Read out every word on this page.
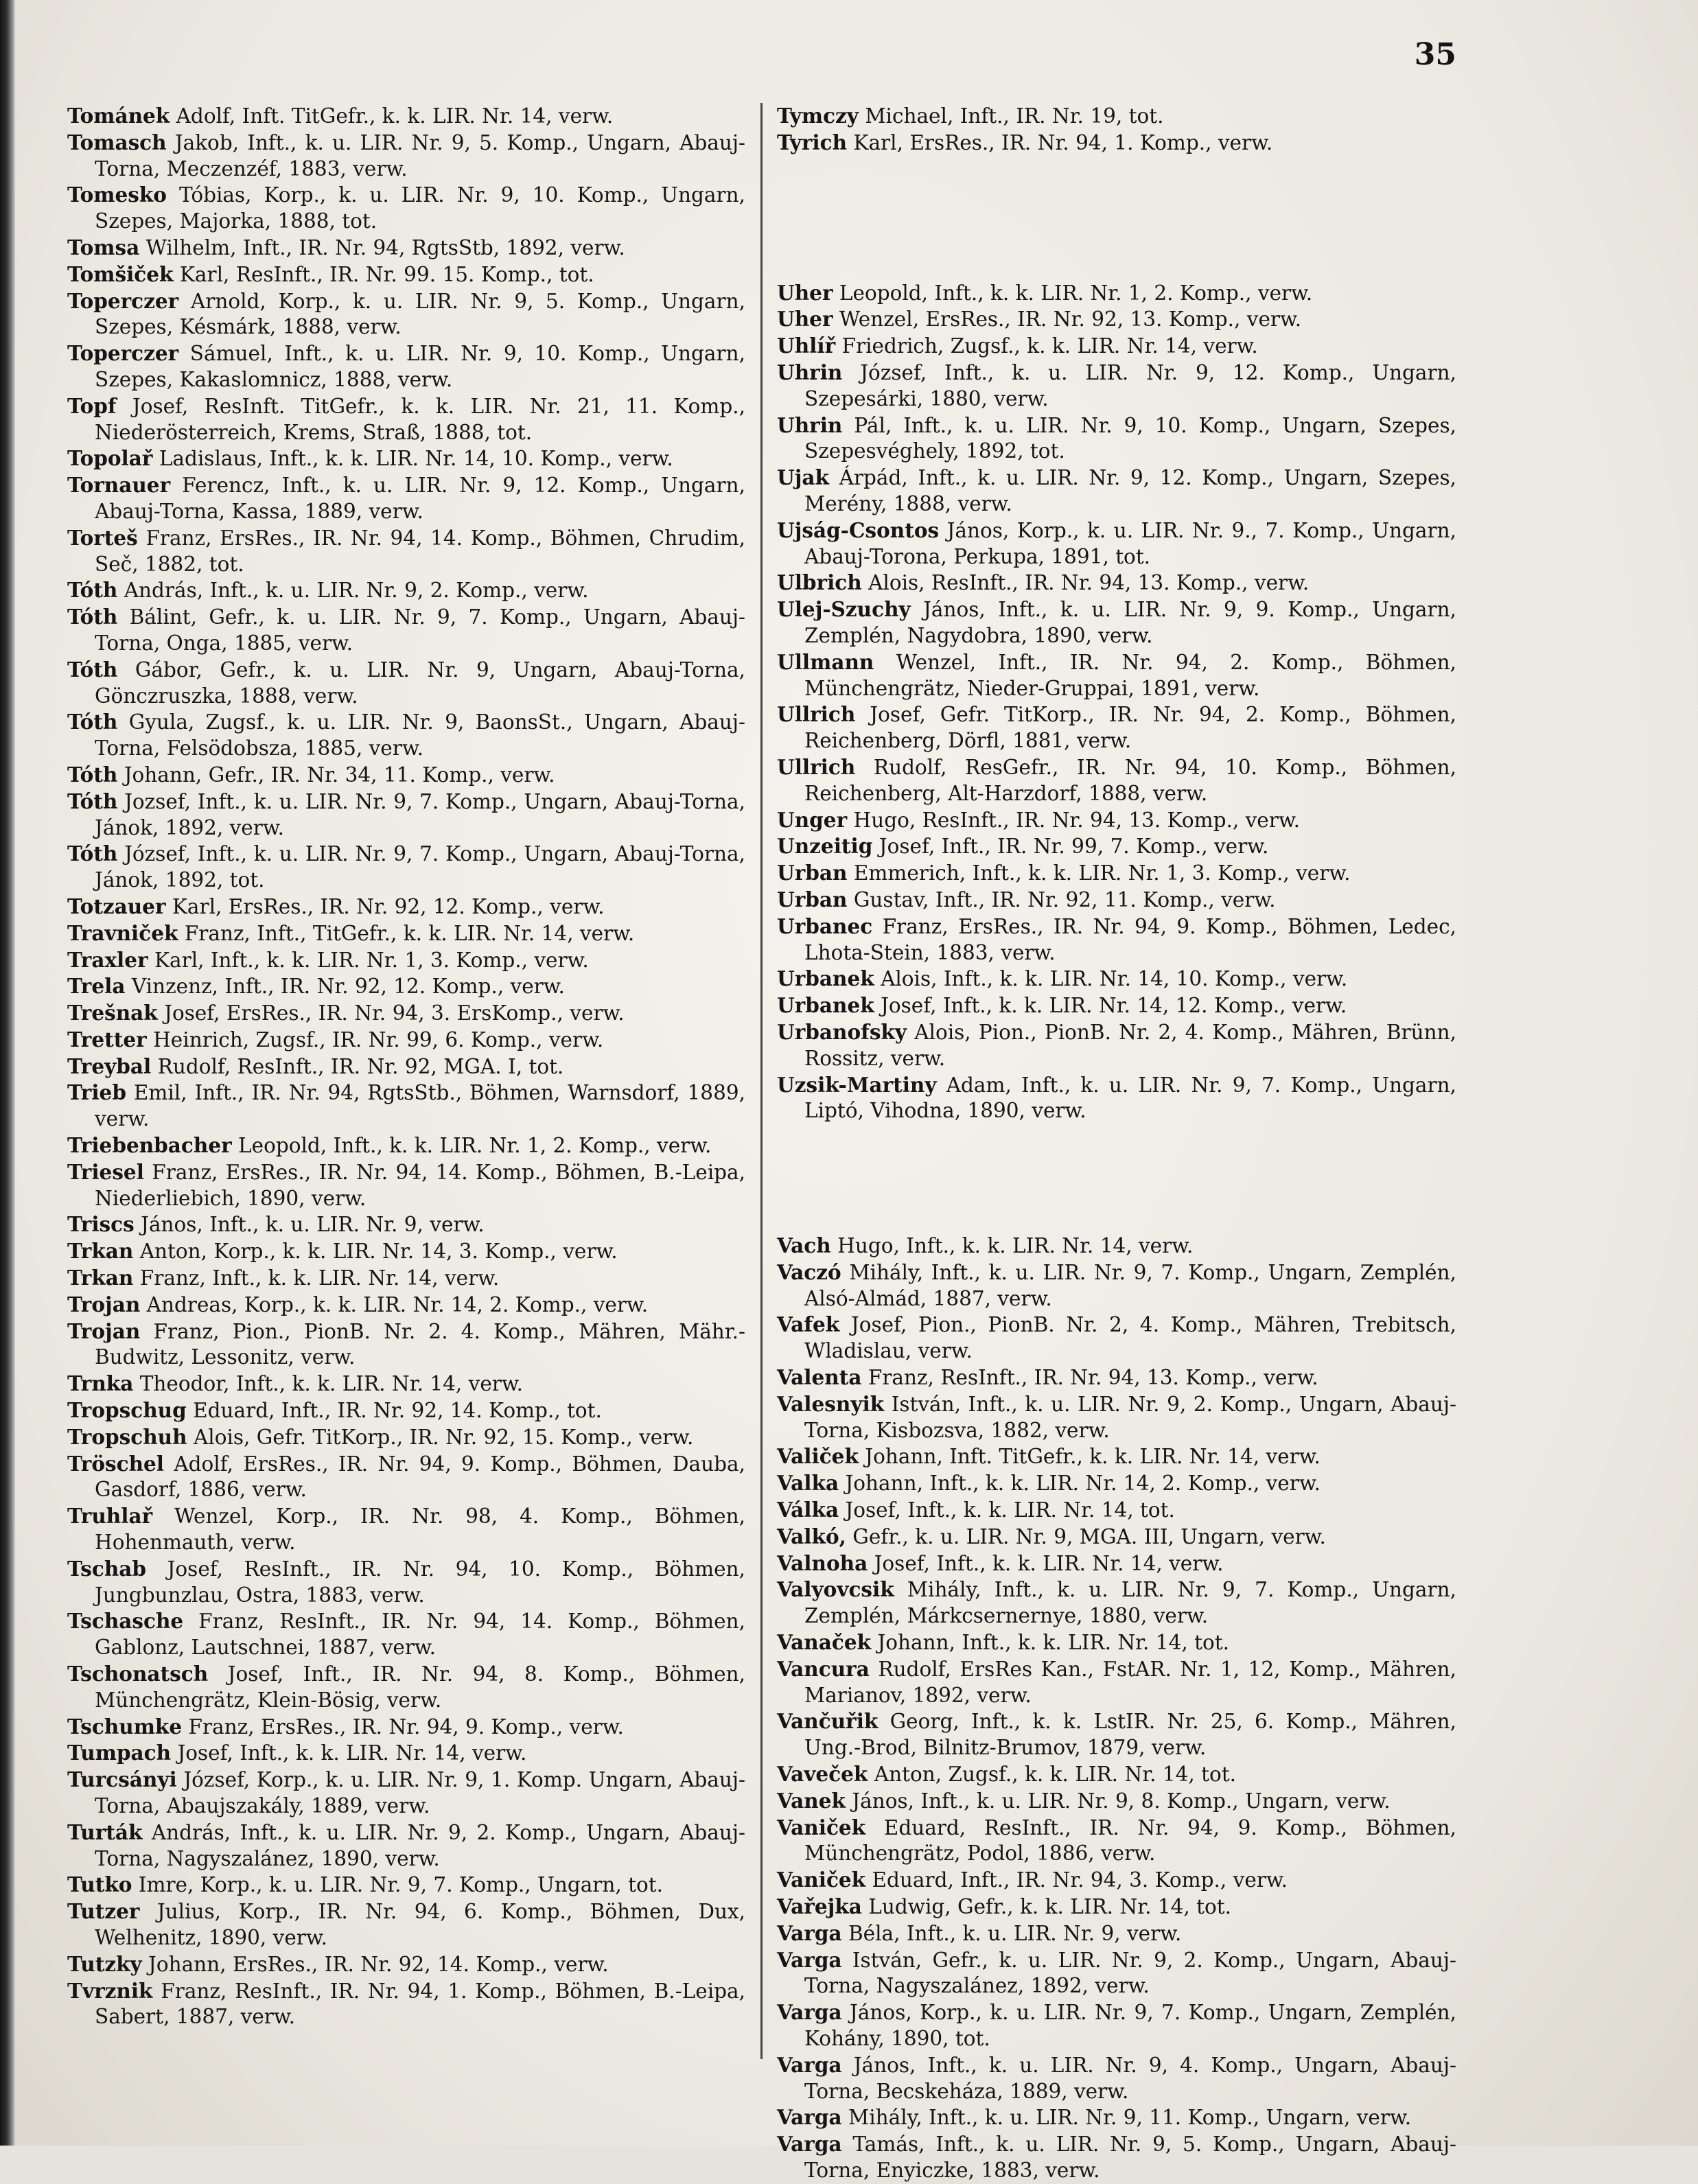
35

Tománek Adolf, Inft. TitGefr., k. k. LIR. Nr. 14, verw.

Tomasch Jakob, Inft., k. u. LIR. Nr. 9, 5. Komp., Ungarn, Abauj-Torna, Meczenzéf, 1883, verw.

Tomesko Tóbias, Korp., k. u. LIR. Nr. 9, 10. Komp., Ungarn, Szepes, Majorka, 1888, tot.

Tomsa Wilhelm, Inft., IR. Nr. 94, RgtsStb, 1892, verw.

Tomšiček Karl, ResInft., IR. Nr. 99. 15. Komp., tot.

Toperczer Arnold, Korp., k. u. LIR. Nr. 9, 5. Komp., Ungarn, Szepes, Késmárk, 1888, verw.

Toperczer Sámuel, Inft., k. u. LIR. Nr. 9, 10. Komp., Ungarn, Szepes, Kakaslomnicz, 1888, verw.

Topf Josef, ResInft. TitGefr., k. k. LIR. Nr. 21, 11. Komp., Niederösterreich, Krems, Straß, 1888, tot.

Topolař Ladislaus, Inft., k. k. LIR. Nr. 14, 10. Komp., verw.

Tornauer Ferencz, Inft., k. u. LIR. Nr. 9, 12. Komp., Ungarn, Abauj-Torna, Kassa, 1889, verw.

Torteš Franz, ErsRes., IR. Nr. 94, 14. Komp., Böhmen, Chrudim, Seč, 1882, tot.

Tóth András, Inft., k. u. LIR. Nr. 9, 2. Komp., verw.

Tóth Bálint, Gefr., k. u. LIR. Nr. 9, 7. Komp., Ungarn, Abauj-Torna, Onga, 1885, verw.

Tóth Gábor, Gefr., k. u. LIR. Nr. 9, Ungarn, Abauj-Torna, Gönczruszka, 1888, verw.

Tóth Gyula, Zugsf., k. u. LIR. Nr. 9, BaonsSt., Ungarn, Abauj-Torna, Felsödobsza, 1885, verw.

Tóth Johann, Gefr., IR. Nr. 34, 11. Komp., verw.

Tóth Jozsef, Inft., k. u. LIR. Nr. 9, 7. Komp., Ungarn, Abauj-Torna, Jánok, 1892, verw.

Tóth József, Inft., k. u. LIR. Nr. 9, 7. Komp., Ungarn, Abauj-Torna, Jánok, 1892, tot.

Totzauer Karl, ErsRes., IR. Nr. 92, 12. Komp., verw.

Travniček Franz, Inft., TitGefr., k. k. LIR. Nr. 14, verw.

Traxler Karl, Inft., k. k. LIR. Nr. 1, 3. Komp., verw.

Trela Vinzenz, Inft., IR. Nr. 92, 12. Komp., verw.

Trešnak Josef, ErsRes., IR. Nr. 94, 3. ErsKomp., verw.

Tretter Heinrich, Zugsf., IR. Nr. 99, 6. Komp., verw.

Treybal Rudolf, ResInft., IR. Nr. 92, MGA. I, tot.

Trieb Emil, Inft., IR. Nr. 94, RgtsStb., Böhmen, Warnsdorf, 1889, verw.

Triebenbacher Leopold, Inft., k. k. LIR. Nr. 1, 2. Komp., verw.

Triesel Franz, ErsRes., IR. Nr. 94, 14. Komp., Böhmen, B.-Leipa, Niederliebich, 1890, verw.

Triscs János, Inft., k. u. LIR. Nr. 9, verw.

Trkan Anton, Korp., k. k. LIR. Nr. 14, 3. Komp., verw.

Trkan Franz, Inft., k. k. LIR. Nr. 14, verw.

Trojan Andreas, Korp., k. k. LIR. Nr. 14, 2. Komp., verw.

Trojan Franz, Pion., PionB. Nr. 2. 4. Komp., Mähren, Mähr.-Budwitz, Lessonitz, verw.

Trnka Theodor, Inft., k. k. LIR. Nr. 14, verw.

Tropschug Eduard, Inft., IR. Nr. 92, 14. Komp., tot.

Tropschuh Alois, Gefr. TitKorp., IR. Nr. 92, 15. Komp., verw.

Tröschel Adolf, ErsRes., IR. Nr. 94, 9. Komp., Böhmen, Dauba, Gasdorf, 1886, verw.

Truhlař Wenzel, Korp., IR. Nr. 98, 4. Komp., Böhmen, Hohenmauth, verw.

Tschab Josef, ResInft., IR. Nr. 94, 10. Komp., Böhmen, Jungbunzlau, Ostra, 1883, verw.

Tschasche Franz, ResInft., IR. Nr. 94, 14. Komp., Böhmen, Gablonz, Lautschnei, 1887, verw.

Tschonatsch Josef, Inft., IR. Nr. 94, 8. Komp., Böhmen, Münchengrätz, Klein-Bösig, verw.

Tschumke Franz, ErsRes., IR. Nr. 94, 9. Komp., verw.

Tumpach Josef, Inft., k. k. LIR. Nr. 14, verw.

Turcsányi József, Korp., k. u. LIR. Nr. 9, 1. Komp. Ungarn, Abauj-Torna, Abaujszakály, 1889, verw.

Turták András, Inft., k. u. LIR. Nr. 9, 2. Komp., Ungarn, Abauj-Torna, Nagyszalánez, 1890, verw.

Tutko Imre, Korp., k. u. LIR. Nr. 9, 7. Komp., Ungarn, tot.

Tutzer Julius, Korp., IR. Nr. 94, 6. Komp., Böhmen, Dux, Welhenitz, 1890, verw.

Tutzky Johann, ErsRes., IR. Nr. 92, 14. Komp., verw.

Tvrznik Franz, ResInft., IR. Nr. 94, 1. Komp., Böhmen, B.-Leipa, Sabert, 1887, verw.

Tymczy Michael, Inft., IR. Nr. 19, tot.

Tyrich Karl, ErsRes., IR. Nr. 94, 1. Komp., verw.

Uher Leopold, Inft., k. k. LIR. Nr. 1, 2. Komp., verw.

Uher Wenzel, ErsRes., IR. Nr. 92, 13. Komp., verw.

Uhlíř Friedrich, Zugsf., k. k. LIR. Nr. 14, verw.

Uhrin József, Inft., k. u. LIR. Nr. 9, 12. Komp., Ungarn, Szepesárki, 1880, verw.

Uhrin Pál, Inft., k. u. LIR. Nr. 9, 10. Komp., Ungarn, Szepes, Szepesvéghely, 1892, tot.

Ujak Árpád, Inft., k. u. LIR. Nr. 9, 12. Komp., Ungarn, Szepes, Merény, 1888, verw.

Ujság-Csontos János, Korp., k. u. LIR. Nr. 9., 7. Komp., Ungarn, Abauj-Torona, Perkupa, 1891, tot.

Ulbrich Alois, ResInft., IR. Nr. 94, 13. Komp., verw.

Ulej-Szuchy János, Inft., k. u. LIR. Nr. 9, 9. Komp., Ungarn, Zemplén, Nagydobra, 1890, verw.

Ullmann Wenzel, Inft., IR. Nr. 94, 2. Komp., Böhmen, Münchengrätz, Nieder-Gruppai, 1891, verw.

Ullrich Josef, Gefr. TitKorp., IR. Nr. 94, 2. Komp., Böhmen, Reichenberg, Dörfl, 1881, verw.

Ullrich Rudolf, ResGefr., IR. Nr. 94, 10. Komp., Böhmen, Reichenberg, Alt-Harzdorf, 1888, verw.

Unger Hugo, ResInft., IR. Nr. 94, 13. Komp., verw.

Unzeitig Josef, Inft., IR. Nr. 99, 7. Komp., verw.

Urban Emmerich, Inft., k. k. LIR. Nr. 1, 3. Komp., verw.

Urban Gustav, Inft., IR. Nr. 92, 11. Komp., verw.

Urbanec Franz, ErsRes., IR. Nr. 94, 9. Komp., Böhmen, Ledec, Lhota-Stein, 1883, verw.

Urbanek Alois, Inft., k. k. LIR. Nr. 14, 10. Komp., verw.

Urbanek Josef, Inft., k. k. LIR. Nr. 14, 12. Komp., verw.

Urbanofsky Alois, Pion., PionB. Nr. 2, 4. Komp., Mähren, Brünn, Rossitz, verw.

Uzsik-Martiny Adam, Inft., k. u. LIR. Nr. 9, 7. Komp., Ungarn, Liptó, Vihodna, 1890, verw.

Vach Hugo, Inft., k. k. LIR. Nr. 14, verw.

Vaczó Mihály, Inft., k. u. LIR. Nr. 9, 7. Komp., Ungarn, Zemplén, Alsó-Almád, 1887, verw.

Vafek Josef, Pion., PionB. Nr. 2, 4. Komp., Mähren, Trebitsch, Wladislau, verw.

Valenta Franz, ResInft., IR. Nr. 94, 13. Komp., verw.

Valesnyik István, Inft., k. u. LIR. Nr. 9, 2. Komp., Ungarn, Abauj-Torna, Kisbozsva, 1882, verw.

Valiček Johann, Inft. TitGefr., k. k. LIR. Nr. 14, verw.

Valka Johann, Inft., k. k. LIR. Nr. 14, 2. Komp., verw.

Válka Josef, Inft., k. k. LIR. Nr. 14, tot.

Valkó, Gefr., k. u. LIR. Nr. 9, MGA. III, Ungarn, verw.

Valnoha Josef, Inft., k. k. LIR. Nr. 14, verw.

Valyovcsik Mihály, Inft., k. u. LIR. Nr. 9, 7. Komp., Ungarn, Zemplén, Márkcsernernye, 1880, verw.

Vanaček Johann, Inft., k. k. LIR. Nr. 14, tot.

Vancura Rudolf, ErsRes Kan., FstAR. Nr. 1, 12, Komp., Mähren, Marianov, 1892, verw.

Vančuřik Georg, Inft., k. k. LstIR. Nr. 25, 6. Komp., Mähren, Ung.-Brod, Bilnitz-Brumov, 1879, verw.

Vaveček Anton, Zugsf., k. k. LIR. Nr. 14, tot.

Vanek János, Inft., k. u. LIR. Nr. 9, 8. Komp., Ungarn, verw.

Vaniček Eduard, ResInft., IR. Nr. 94, 9. Komp., Böhmen, Münchengrätz, Podol, 1886, verw.

Vaniček Eduard, Inft., IR. Nr. 94, 3. Komp., verw.

Vařejka Ludwig, Gefr., k. k. LIR. Nr. 14, tot.

Varga Béla, Inft., k. u. LIR. Nr. 9, verw.

Varga István, Gefr., k. u. LIR. Nr. 9, 2. Komp., Ungarn, Abauj-Torna, Nagyszalánez, 1892, verw.

Varga János, Korp., k. u. LIR. Nr. 9, 7. Komp., Ungarn, Zemplén, Kohány, 1890, tot.

Varga János, Inft., k. u. LIR. Nr. 9, 4. Komp., Ungarn, Abauj-Torna, Becskeháza, 1889, verw.

Varga Mihály, Inft., k. u. LIR. Nr. 9, 11. Komp., Ungarn, verw.

Varga Tamás, Inft., k. u. LIR. Nr. 9, 5. Komp., Ungarn, Abauj-Torna, Enyiczke, 1883, verw.
